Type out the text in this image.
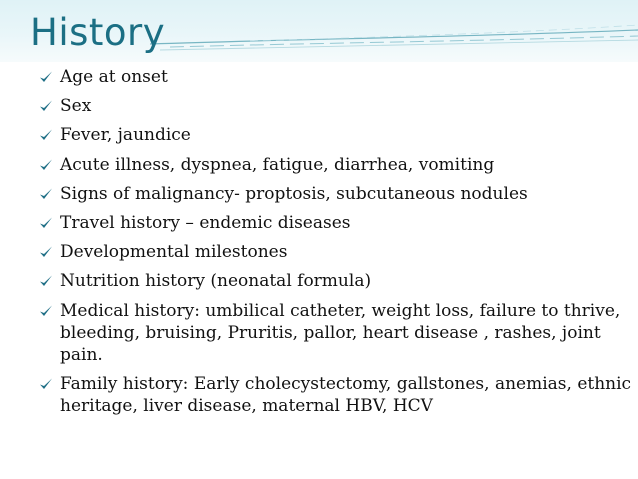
History
Age at onset
Sex
Fever, jaundice
Acute illness, dyspnea, fatigue, diarrhea, vomiting
Signs of malignancy- proptosis, subcutaneous nodules
Travel history – endemic diseases
Developmental milestones
Nutrition history (neonatal formula)
Medical history: umbilical catheter, weight loss, failure to thrive, bleeding, bruising, Pruritis, pallor, heart disease , rashes, joint pain.
Family history: Early cholecystectomy, gallstones, anemias, ethnic heritage, liver disease, maternal HBV, HCV
